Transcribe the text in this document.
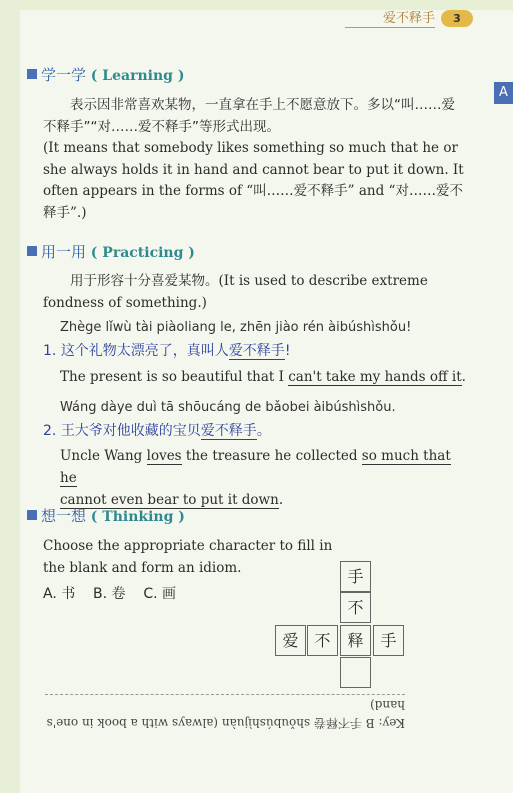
爱不释手	3
A
学一学 ( Learning )
表示因非常喜欢某物，一直拿在手上不愿意放下。多以“叫……爱不释手”“对……爱不释手”等形式出现。
(It means that somebody likes something so much that he or she always holds it in hand and cannot bear to put it down. It often appears in the forms of “叫……爱不释手” and “对……爱不释手”.)
用一用 ( Practicing )
用于形容十分喜爱某物。(It is used to describe extreme fondness of something.)
Zhège lǐwù tài piàoliang le, zhēn jiào rén àibúshìshǒu!
1. 这个礼物太漂亮了，真叫人爱不释手!
The present is so beautiful that I can't take my hands off it.
Wáng dàye duì tā shōucáng de bǎobei àibúshìshǒu.
2. 王大爷对他收藏的宝贝爱不释手。
Uncle Wang loves the treasure he collected so much that he
cannot even bear to put it down.
想一想 ( Thinking )
Choose the appropriate character to fill in the blank and form an idiom.
A. 书 B. 卷 C. 画
手
不
爱 不	释	手
Key: B 手不释卷 shǒubúshìjuàn (always with a book in one's hand)
